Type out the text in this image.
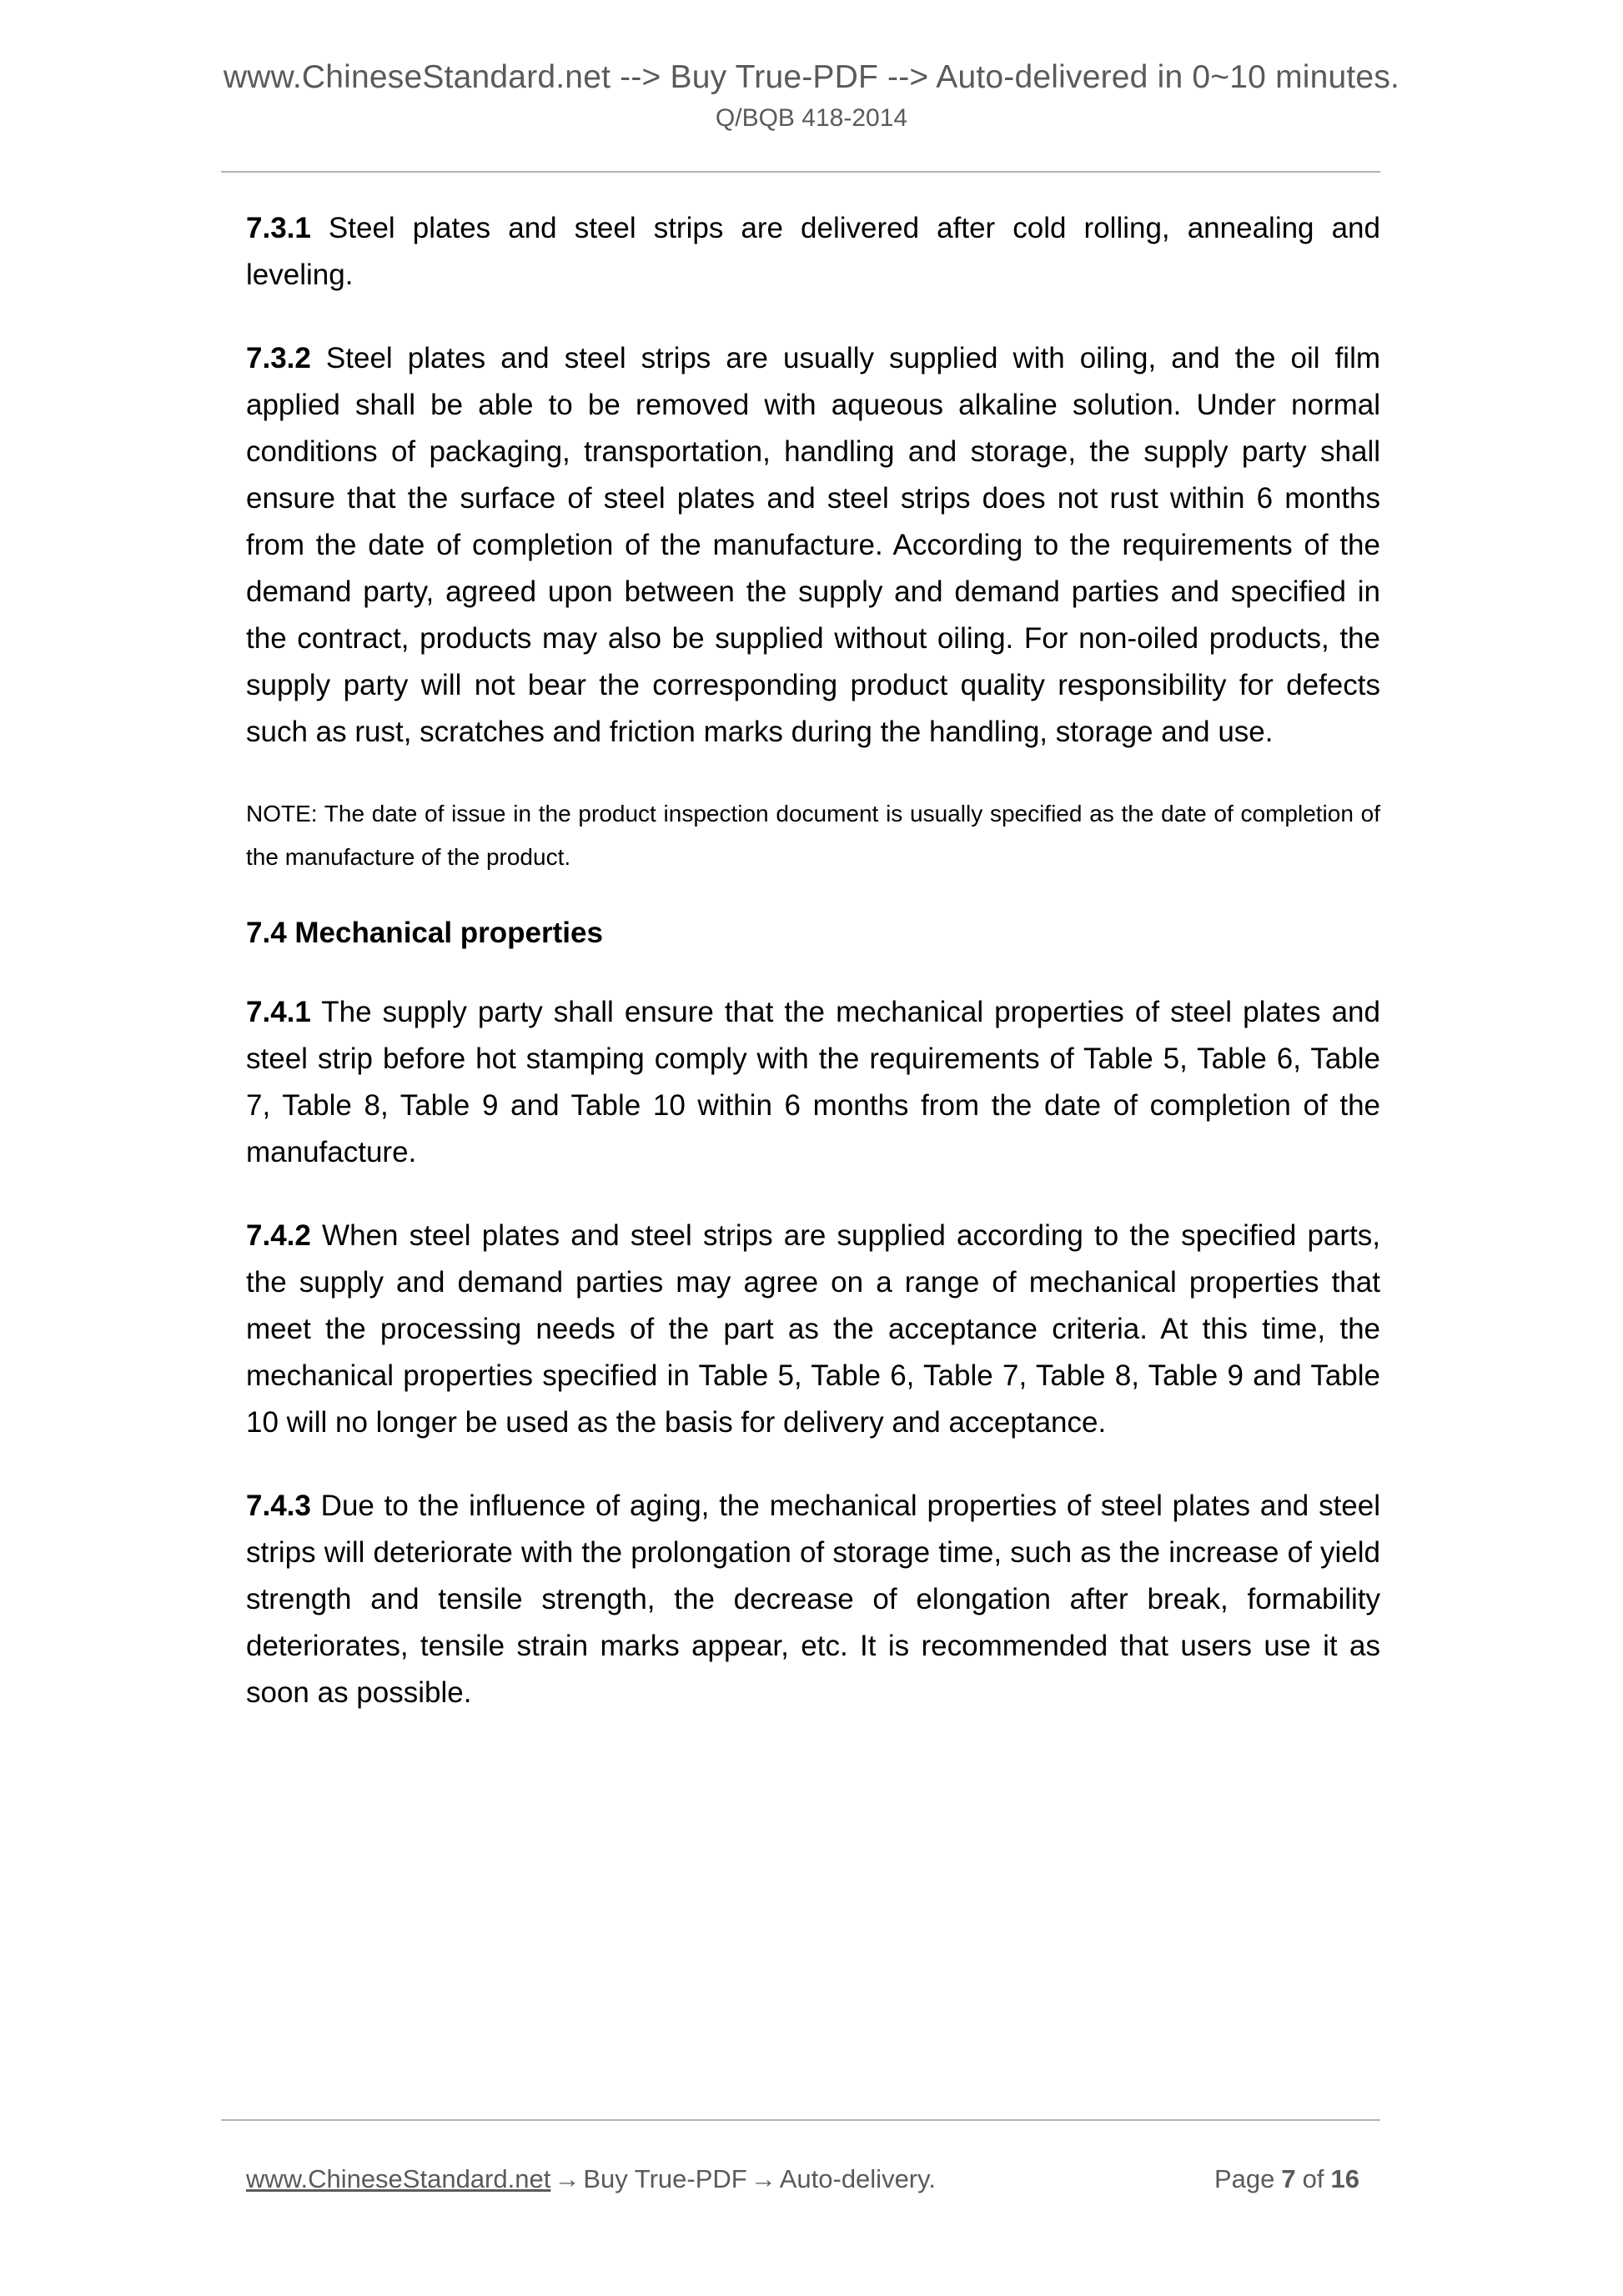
www.ChineseStandard.net --> Buy True-PDF --> Auto-delivered in 0~10 minutes.
Q/BQB 418-2014

7.3.1 Steel plates and steel strips are delivered after cold rolling, annealing and leveling.

7.3.2 Steel plates and steel strips are usually supplied with oiling, and the oil film applied shall be able to be removed with aqueous alkaline solution. Under normal conditions of packaging, transportation, handling and storage, the supply party shall ensure that the surface of steel plates and steel strips does not rust within 6 months from the date of completion of the manufacture. According to the requirements of the demand party, agreed upon between the supply and demand parties and specified in the contract, products may also be supplied without oiling. For non-oiled products, the supply party will not bear the corresponding product quality responsibility for defects such as rust, scratches and friction marks during the handling, storage and use.

NOTE: The date of issue in the product inspection document is usually specified as the date of completion of the manufacture of the product.

7.4 Mechanical properties

7.4.1 The supply party shall ensure that the mechanical properties of steel plates and steel strip before hot stamping comply with the requirements of Table 5, Table 6, Table 7, Table 8, Table 9 and Table 10 within 6 months from the date of completion of the manufacture.

7.4.2 When steel plates and steel strips are supplied according to the specified parts, the supply and demand parties may agree on a range of mechanical properties that meet the processing needs of the part as the acceptance criteria. At this time, the mechanical properties specified in Table 5, Table 6, Table 7, Table 8, Table 9 and Table 10 will no longer be used as the basis for delivery and acceptance.

7.4.3 Due to the influence of aging, the mechanical properties of steel plates and steel strips will deteriorate with the prolongation of storage time, such as the increase of yield strength and tensile strength, the decrease of elongation after break, formability deteriorates, tensile strain marks appear, etc. It is recommended that users use it as soon as possible.

www.ChineseStandard.net → Buy True-PDF → Auto-delivery.	Page 7 of 16
